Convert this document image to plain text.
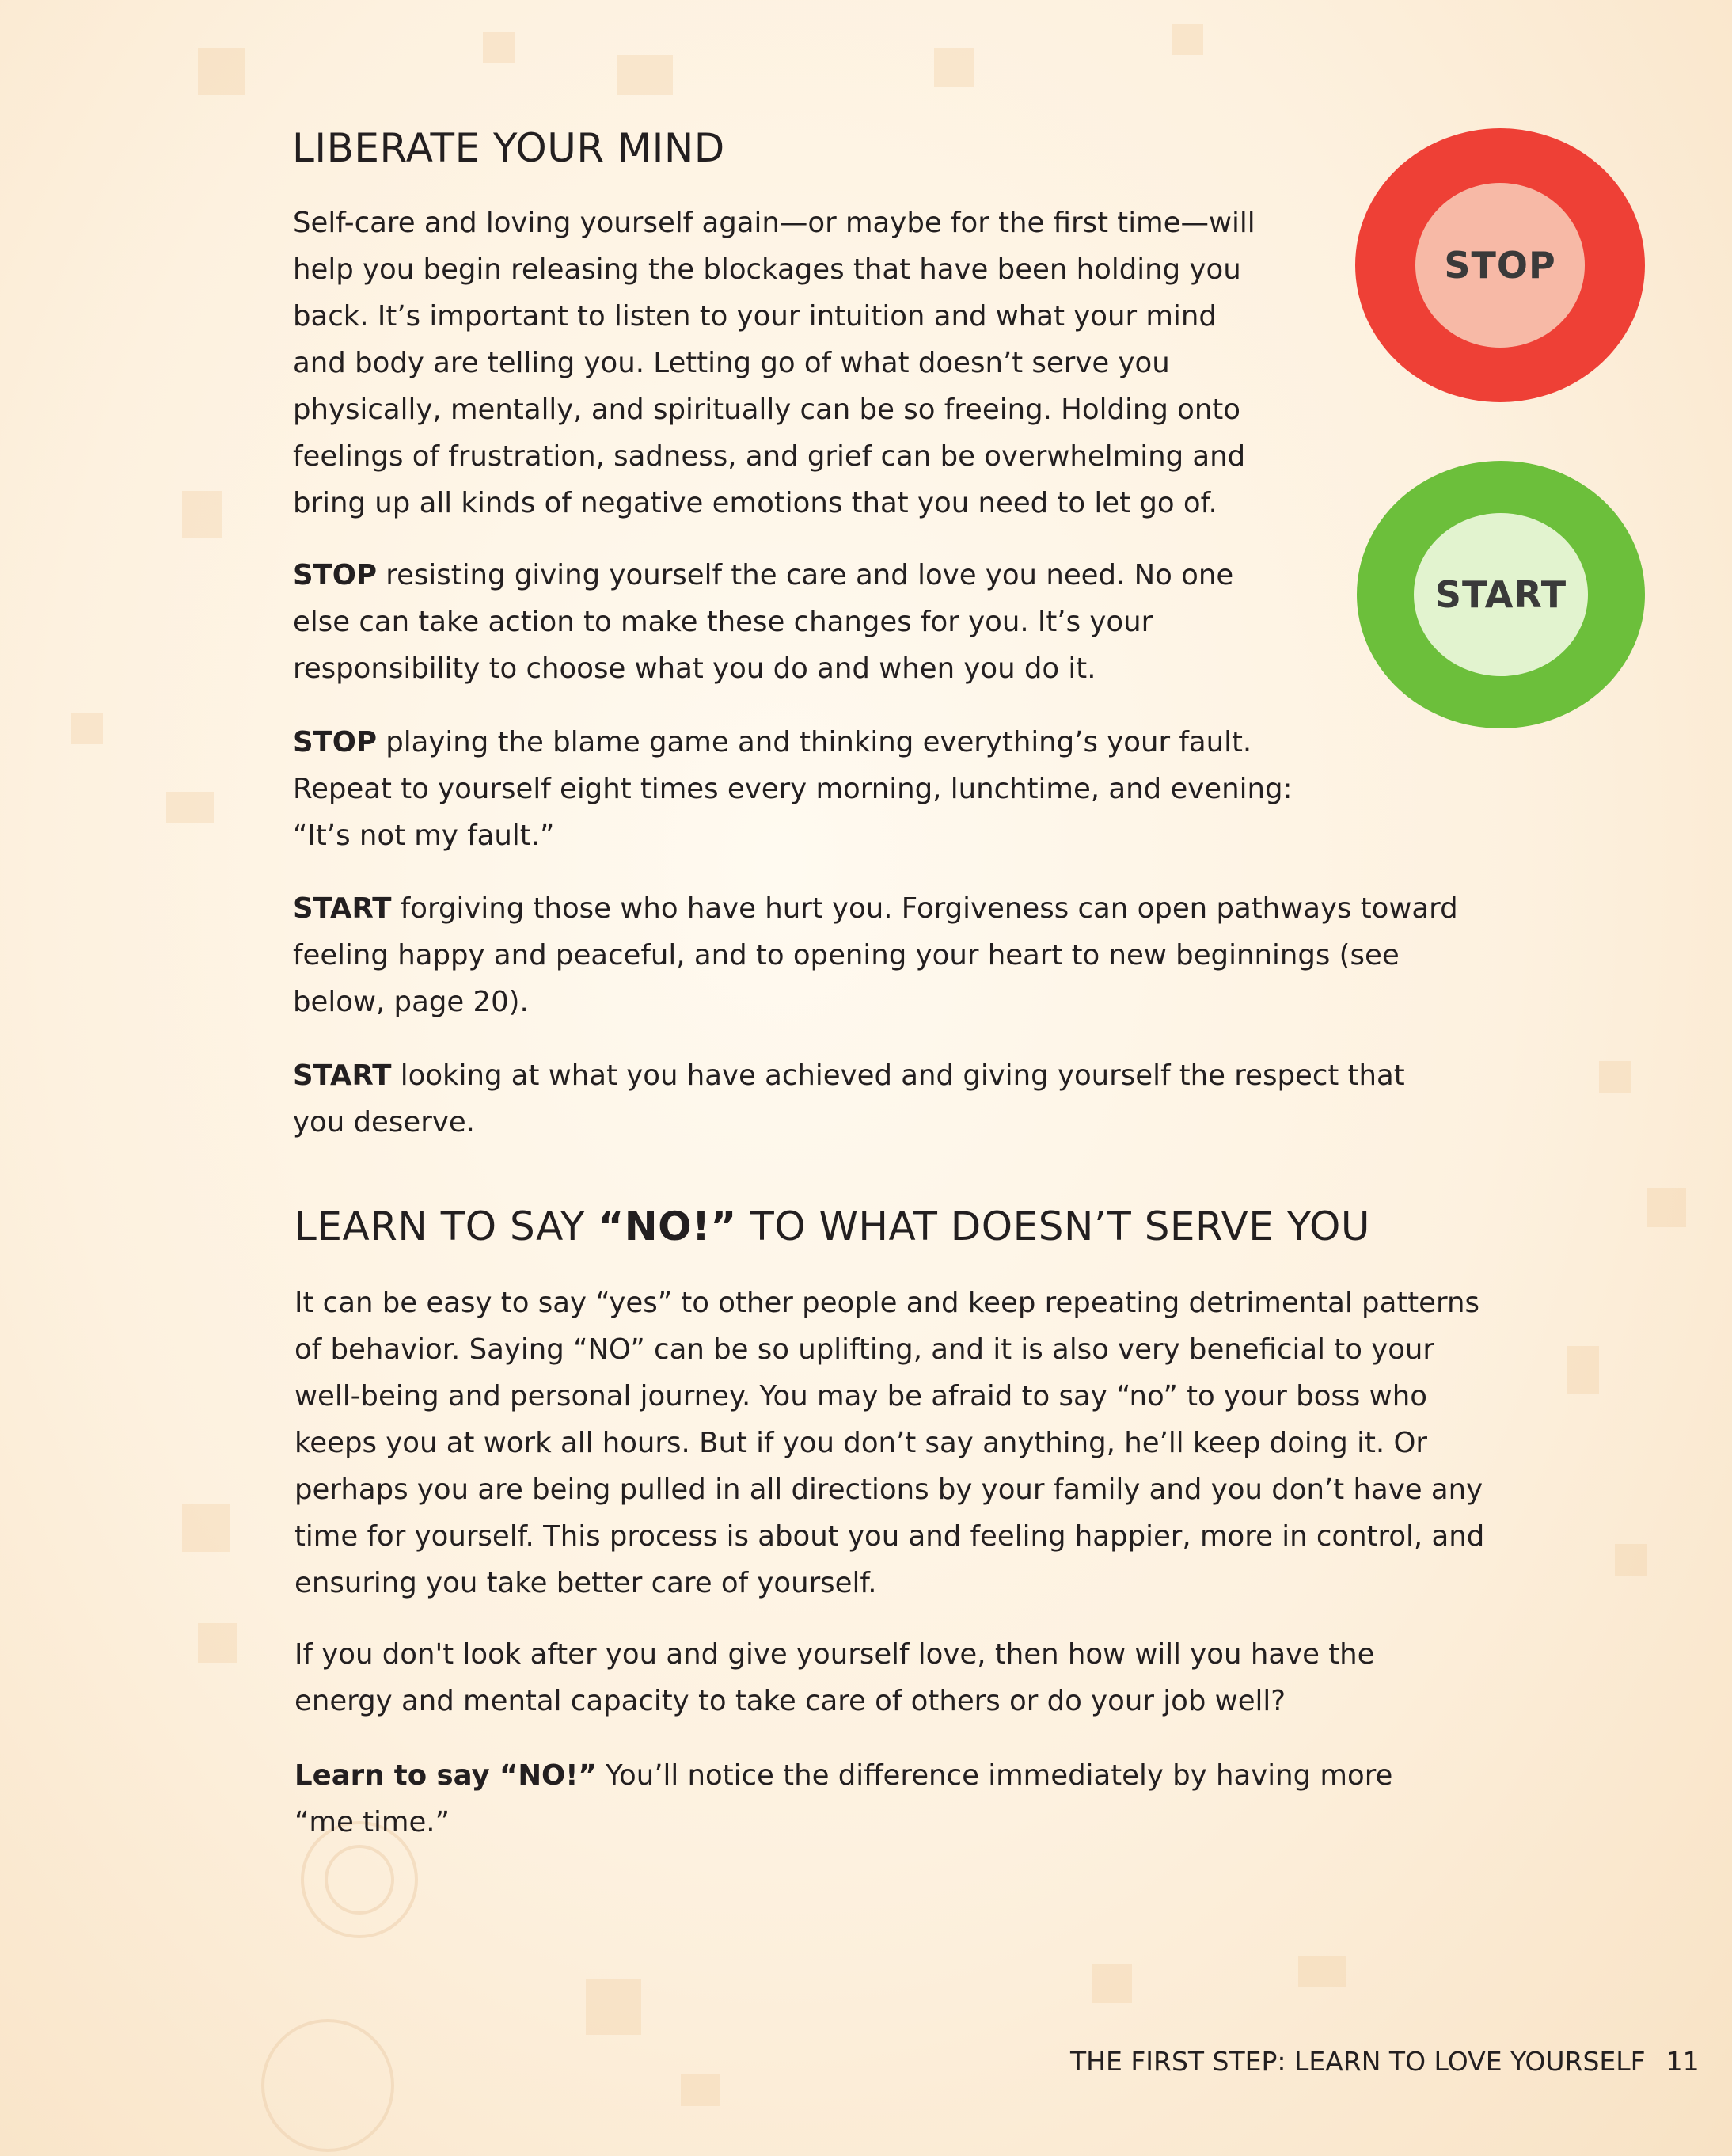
STOP
START
LIBERATE YOUR MIND

Self-care and loving yourself again—or maybe for the first time—will help you begin releasing the blockages that have been holding you back. It’s important to listen to your intuition and what your mind and body are telling you. Letting go of what doesn’t serve you physically, mentally, and spiritually can be so freeing. Holding onto feelings of frustration, sadness, and grief can be overwhelming and bring up all kinds of negative emotions that you need to let go of.

STOP resisting giving yourself the care and love you need. No one else can take action to make these changes for you. It’s your responsibility to choose what you do and when you do it.

STOP playing the blame game and thinking everything’s your fault. Repeat to yourself eight times every morning, lunchtime, and evening: “It’s not my fault.”

START forgiving those who have hurt you. Forgiveness can open pathways toward feeling happy and peaceful, and to opening your heart to new beginnings (see below, page 20).

START looking at what you have achieved and giving yourself the respect that you deserve.

LEARN TO SAY “NO!” TO WHAT DOESN’T SERVE YOU

It can be easy to say “yes” to other people and keep repeating detrimental patterns of behavior. Saying “NO” can be so uplifting, and it is also very beneficial to your well-being and personal journey. You may be afraid to say “no” to your boss who keeps you at work all hours. But if you don’t say anything, he’ll keep doing it. Or perhaps you are being pulled in all directions by your family and you don’t have any time for yourself. This process is about you and feeling happier, more in control, and ensuring you take better care of yourself.

If you don't look after you and give yourself love, then how will you have the energy and mental capacity to take care of others or do your job well?

Learn to say “NO!” You’ll notice the difference immediately by having more “me time.”

THE FIRST STEP: LEARN TO LOVE YOURSELF 11
